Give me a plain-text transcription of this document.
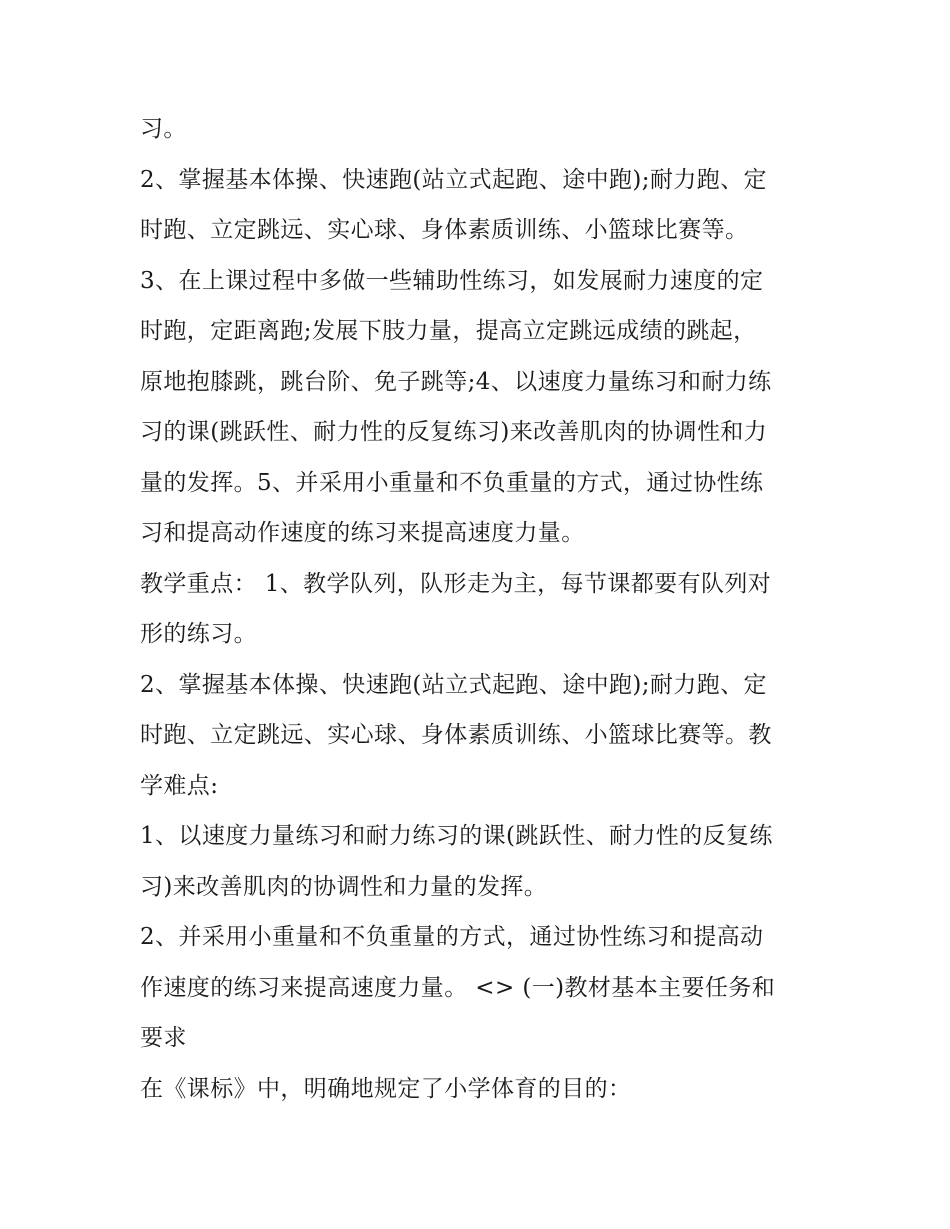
习。
2、掌握基本体操、快速跑(站立式起跑、途中跑);耐力跑、定
时跑、立定跳远、实心球、身体素质训练、小篮球比赛等。
3、在上课过程中多做一些辅助性练习，如发展耐力速度的定
时跑，定距离跑;发展下肢力量，提高立定跳远成绩的跳起，
原地抱膝跳，跳台阶、免子跳等;4、以速度力量练习和耐力练
习的课(跳跃性、耐力性的反复练习)来改善肌肉的协调性和力
量的发挥。5、并采用小重量和不负重量的方式，通过协性练
习和提高动作速度的练习来提高速度力量。
教学重点： 1、教学队列，队形走为主，每节课都要有队列对
形的练习。
2、掌握基本体操、快速跑(站立式起跑、途中跑);耐力跑、定
时跑、立定跳远、实心球、身体素质训练、小篮球比赛等。教
学难点:
1、以速度力量练习和耐力练习的课(跳跃性、耐力性的反复练
习)来改善肌肉的协调性和力量的发挥。
2、并采用小重量和不负重量的方式，通过协性练习和提高动
作速度的练习来提高速度力量。 <> (一)教材基本主要任务和
要求
在《课标》中，明确地规定了小学体育的目的：
